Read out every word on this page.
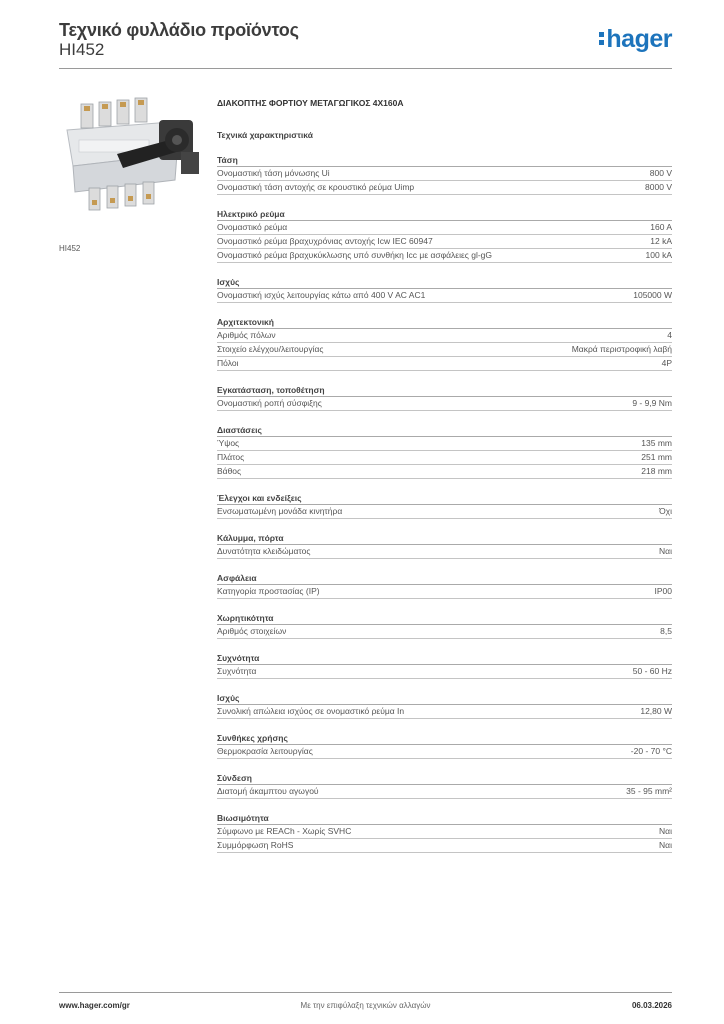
Τεχνικό φυλλάδιο προϊόντος
HI452	hager
HI452
ΔΙΑΚΟΠΤΗΣ ΦΟΡΤΙΟΥ ΜΕΤΑΓΩΓΙΚΟΣ 4X160A
Τεχνικά χαρακτηριστικά
Τάση
Ονομαστική τάση μόνωσης Ui	800 V
Ονομαστική τάση αντοχής σε κρουστικό ρεύμα Uimp	8000 V
Ηλεκτρικό ρεύμα
Ονομαστικό ρεύμα	160 A
Ονομαστικό ρεύμα βραχυχρόνιας αντοχής Icw IEC 60947	12 kA
Ονομαστικό ρεύμα βραχυκύκλωσης υπό συνθήκη Icc με ασφάλειες gl-gG	100 kA
Ισχύς
Ονομαστική ισχύς λειτουργίας κάτω από 400 V AC AC1	105000 W
Αρχιτεκτονική
Αριθμός πόλων	4
Στοιχείο ελέγχου/λειτουργίας	Μακρά περιστροφική λαβή
Πόλοι	4P
Εγκατάσταση, τοποθέτηση
Ονομαστική ροπή σύσφιξης	9 - 9,9 Nm
Διαστάσεις
Ύψος	135 mm
Πλάτος	251 mm
Βάθος	218 mm
Έλεγχοι και ενδείξεις
Ενσωματωμένη μονάδα κινητήρα	Όχι
Κάλυμμα, πόρτα
Δυνατότητα κλειδώματος	Ναι
Ασφάλεια
Κατηγορία προστασίας (IP)	IP00
Χωρητικότητα
Αριθμός στοιχείων	8,5
Συχνότητα
Συχνότητα	50 - 60 Hz
Ισχύς
Συνολική απώλεια ισχύος σε ονομαστικό ρεύμα In	12,80 W
Συνθήκες χρήσης
Θερμοκρασία λειτουργίας	-20 - 70 °C
Σύνδεση
Διατομή άκαμπτου αγωγού	35 - 95 mm²
Βιωσιμότητα
Σύμφωνο με REACh - Χωρίς SVHC	Ναι
Συμμόρφωση RoHS	Ναι
www.hager.com/gr	Με την επιφύλαξη τεχνικών αλλαγών	06.03.2026
